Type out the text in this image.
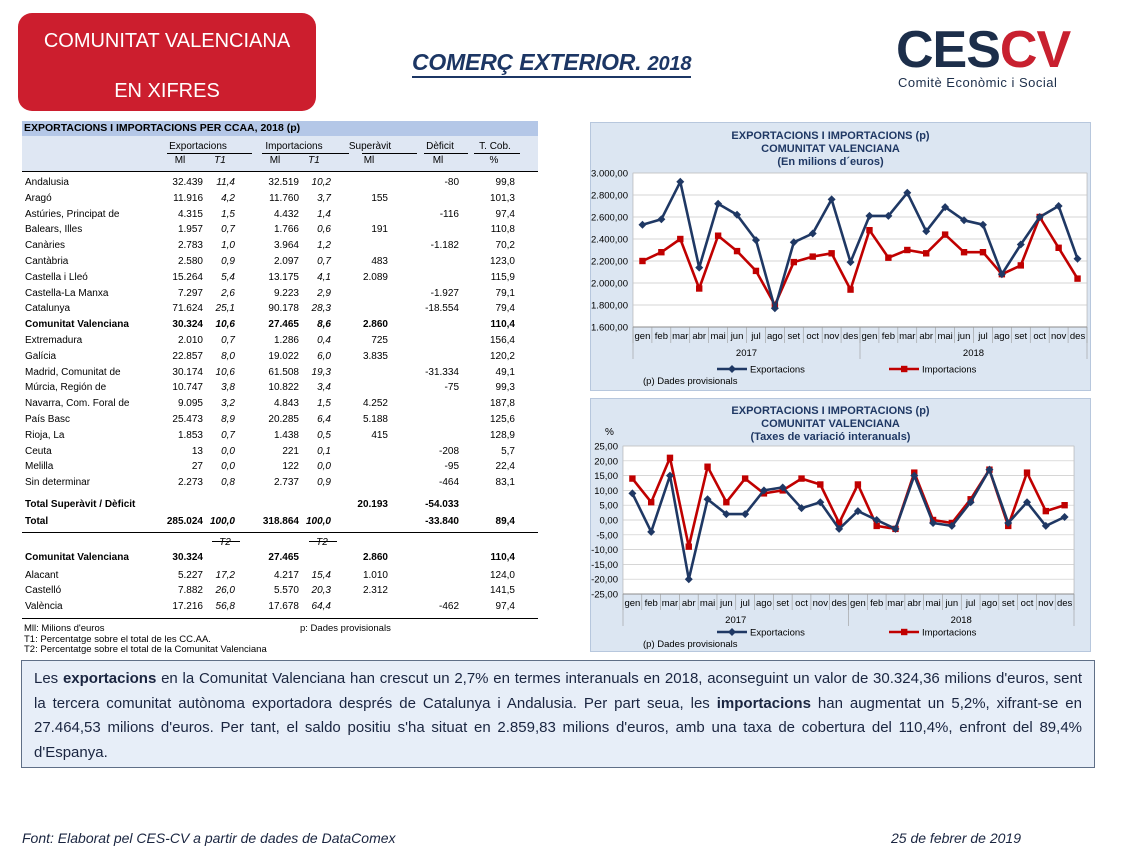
COMUNITAT VALENCIANA
EN XIFRES
COMERÇ EXTERIOR. 2018	CESCV
Comitè Econòmic i Social
EXPORTACIONS I IMPORTACIONS PER CCAA, 2018 (p)
Exportacions	Importacions	Superàvit	Dèficit	T. Cob.
Ml	T1	Ml	T1	Ml	Ml	%
Andalusia	32.439 11,4	32.519 10,2	-80	99,8
Aragó	11.916 4,2	11.760 3,7	155	101,3
Astúries, Principat de	4.315 1,5	4.432 1,4	-116	97,4
Balears, Illes	1.957 0,7	1.766 0,6	191	110,8
Canàries	2.783 1,0	3.964 1,2	-1.182	70,2
Cantàbria	2.580 0,9	2.097 0,7	483	123,0
Castella i Lleó	15.264 5,4	13.175 4,1	2.089	115,9
Castella-La Manxa	7.297 2,6	9.223 2,9	-1.927	79,1
Catalunya	71.624 25,1	90.178 28,3	-18.554	79,4
Comunitat Valenciana	30.324 10,6	27.465 8,6	2.860	110,4
Extremadura	2.010 0,7	1.286 0,4	725	156,4
Galícia	22.857 8,0	19.022 6,0	3.835	120,2
Madrid, Comunitat de	30.174 10,6	61.508 19,3	-31.334	49,1
Múrcia, Región de	10.747 3,8	10.822 3,4	-75	99,3
Navarra, Com. Foral de	9.095 3,2	4.843 1,5	4.252	187,8
País Basc	25.473 8,9	20.285 6,4	5.188	125,6
Rioja, La	1.853 0,7	1.438 0,5	415	128,9
Ceuta	13 0,0	221 0,1	-208	5,7
Melilla	27 0,0	122 0,0	-95	22,4
Sin determinar	2.273 0,8	2.737 0,9	-464	83,1
Total Superàvit / Dèficit	20.193	-54.033
Total	285.024 100,0	318.864 100,0	-33.840	89,4
T2	T2
Comunitat Valenciana	30.324	27.465	2.860	110,4
Alacant	5.227 17,2	4.217 15,4	1.010	124,0
Castelló	7.882 26,0	5.570 20,3	2.312	141,5
València	17.216 56,8	17.678 64,4	-462	97,4
Mll: Milions d'euros	p: Dades provisionals
T1: Percentatge sobre el total de les CC.AA.
T2: Percentatge sobre el total de la Comunitat Valenciana
EXPORTACIONS I IMPORTACIONS (p)
COMUNITAT VALENCIANA
(En milions d´euros)
1.600,00
1.800,00
2.000,00
2.200,00
2.400,00
2.600,00
2.800,00
3.000,00
gen feb mar abr mai jun jul ago set oct nov des gen feb mar abr mai jun jul ago set oct nov des
2017	2018
Exportacions	Importacions
(p) Dades provisionals
EXPORTACIONS I IMPORTACIONS (p)
COMUNITAT VALENCIANA
(Taxes de variació interanuals)
%
-25,00
-20,00
-15,00
-10,00
-5,00
0,00
5,00
10,00
15,00
20,00
25,00
gen feb mar abr mai jun jul ago set oct nov des gen feb mar abr mai jun jul ago set oct nov des
2017	2018
Exportacions	Importacions
(p) Dades provisionals
Les exportacions en la Comunitat Valenciana han crescut un 2,7% en termes interanuals en 2018, aconseguint un valor de 30.324,36 milions d'euros, sent la tercera comunitat autònoma exportadora després de Catalunya i Andalusia. Per part seua, les importacions han augmentat un 5,2%, xifrant-se en 27.464,53 milions d'euros. Per tant, el saldo positiu s'ha situat en 2.859,83 milions d'euros, amb una taxa de cobertura del 110,4%, enfront del 89,4% d'Espanya.
Font: Elaborat pel CES-CV a partir de dades de DataComex	25 de febrer de 2019
